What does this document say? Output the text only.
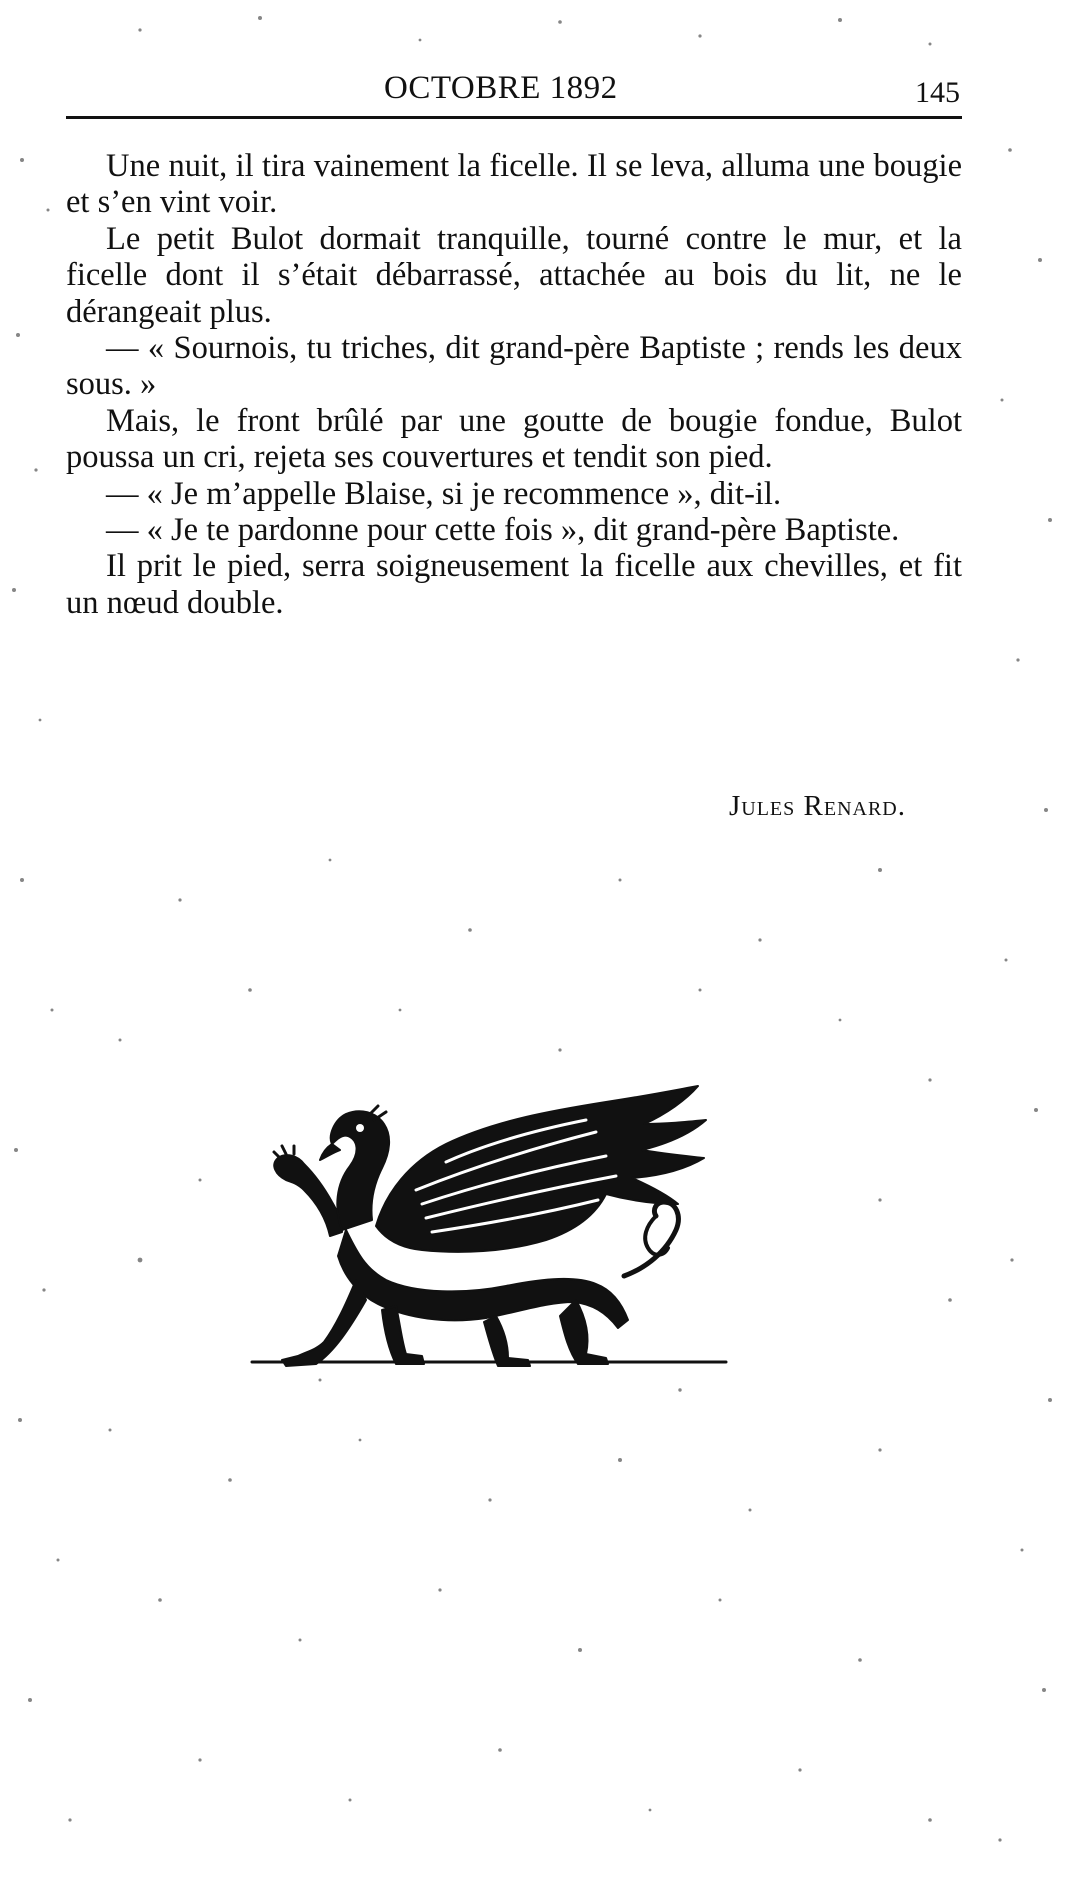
OCTOBRE 1892	145

Une nuit, il tira vainement la ficelle. Il se leva, alluma une bougie et s’en vint voir.

Le petit Bulot dormait tranquille, tourné contre le mur, et la ficelle dont il s’était débarrassé, attachée au bois du lit, ne le dérangeait plus.

— « Sournois, tu triches, dit grand-père Baptiste ; rends les deux sous. »

Mais, le front brûlé par une goutte de bougie fondue, Bulot poussa un cri, rejeta ses couvertures et tendit son pied.

— « Je m’appelle Blaise, si je recommence », dit-il.

— « Je te pardonne pour cette fois », dit grand-père Baptiste.

Il prit le pied, serra soigneusement la ficelle aux chevilles, et fit un nœud double.

Jules Renard.
